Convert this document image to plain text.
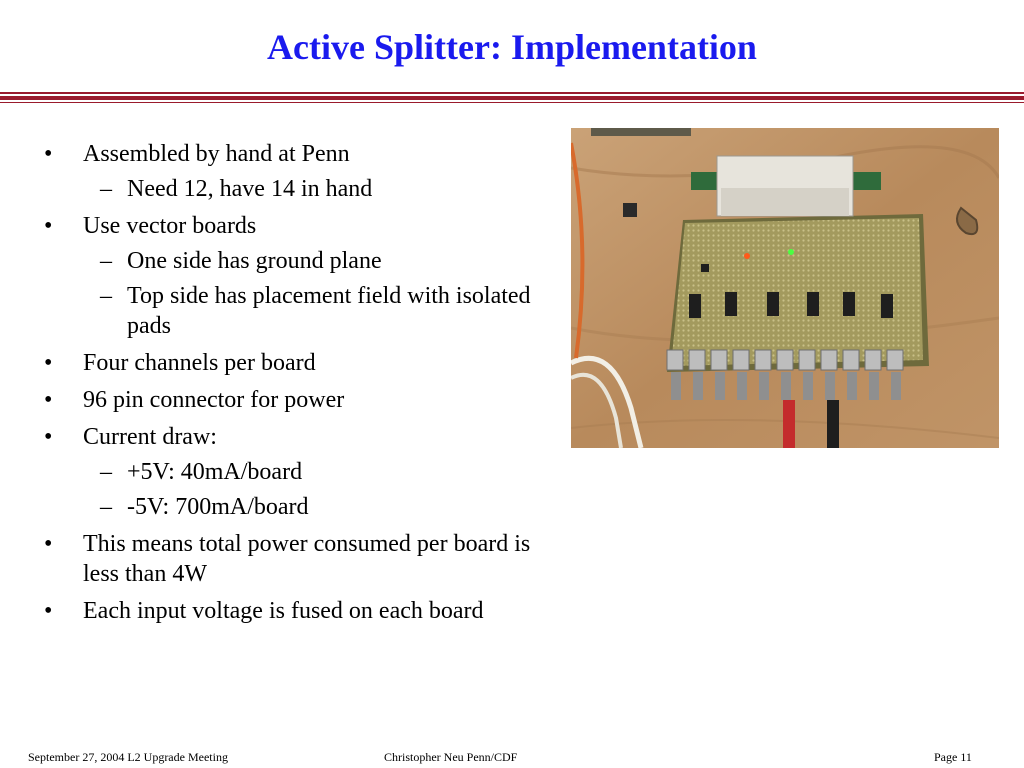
Active Splitter: Implementation
• Assembled by hand at Penn
– Need 12, have 14 in hand
• Use vector boards
– One side has ground plane
– Top side has placement field with isolated pads
• Four channels per board
• 96 pin connector for power
• Current draw:
– +5V: 40mA/board
– -5V: 700mA/board
• This means total power consumed per board is less than 4W
• Each input voltage is fused on each board
September 27, 2004 L2 Upgrade Meeting	Christopher Neu Penn/CDF	Page 11
